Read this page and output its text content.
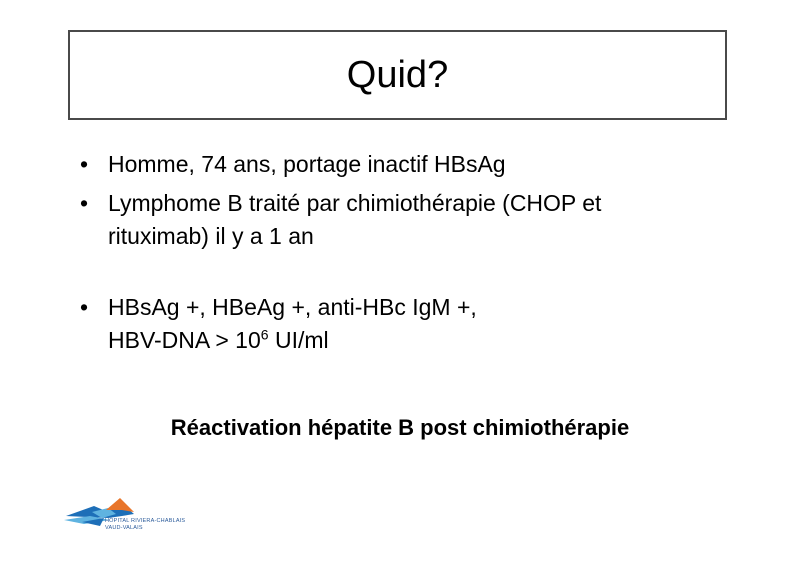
Quid?
• Homme, 74 ans, portage inactif HBsAg
• Lymphome B traité par chimiothérapie (CHOP et
rituximab) il y a 1 an
• HBsAg +, HBeAg +, anti-HBc IgM +,
$HBV-DNA > 10^6$ UI/ml
Réactivation hépatite B post chimiothérapie
HÔPITAL RIVIERA-CHABLAIS
VAUD-VALAIS
